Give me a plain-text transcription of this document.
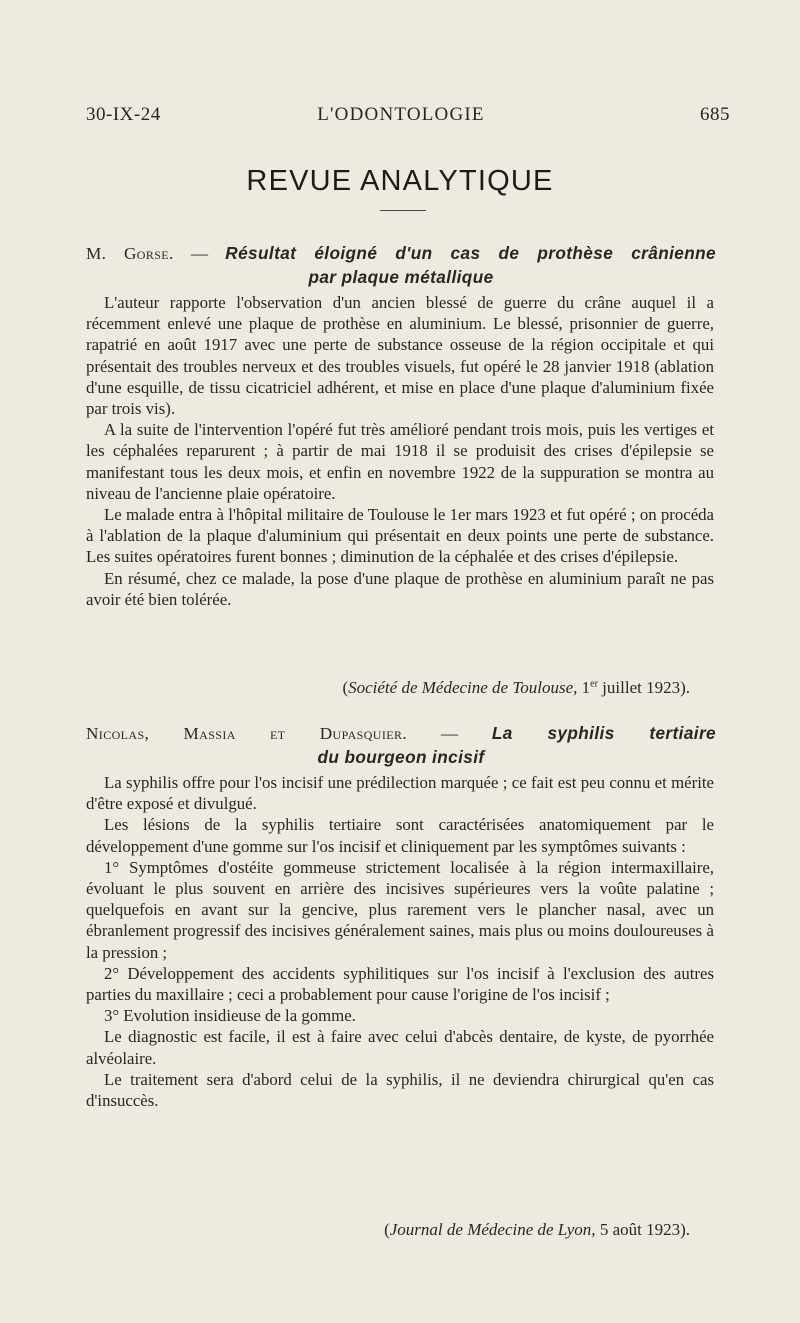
30-IX-24	L'ODONTOLOGIE	685
REVUE ANALYTIQUE
M. Gorse. — Résultat éloigné d'un cas de prothèse crânienne
par plaque métallique

L'auteur rapporte l'observation d'un ancien blessé de guerre du crâne auquel il a récemment enlevé une plaque de prothèse en aluminium. Le blessé, prisonnier de guerre, rapatrié en août 1917 avec une perte de substance osseuse de la région occipitale et qui présentait des troubles nerveux et des troubles visuels, fut opéré le 28 janvier 1918 (ablation d'une esquille, de tissu cicatriciel adhérent, et mise en place d'une plaque d'aluminium fixée par trois vis).

A la suite de l'intervention l'opéré fut très amélioré pendant trois mois, puis les vertiges et les céphalées reparurent ; à partir de mai 1918 il se produisit des crises d'épilepsie se manifestant tous les deux mois, et enfin en novembre 1922 de la suppuration se montra au niveau de l'ancienne plaie opératoire.

Le malade entra à l'hôpital militaire de Toulouse le 1er mars 1923 et fut opéré ; on procéda à l'ablation de la plaque d'aluminium qui présentait en deux points une perte de substance. Les suites opératoires furent bonnes ; diminution de la céphalée et des crises d'épilepsie.

En résumé, chez ce malade, la pose d'une plaque de prothèse en aluminium paraît ne pas avoir été bien tolérée.

(Société de Médecine de Toulouse, 1er juillet 1923).
Nicolas, Massia et Dupasquier. — La syphilis tertiaire
du bourgeon incisif

La syphilis offre pour l'os incisif une prédilection marquée ; ce fait est peu connu et mérite d'être exposé et divulgué.

Les lésions de la syphilis tertiaire sont caractérisées anatomiquement par le développement d'une gomme sur l'os incisif et cliniquement par les symptômes suivants :

1° Symptômes d'ostéite gommeuse strictement localisée à la région intermaxillaire, évoluant le plus souvent en arrière des incisives supérieures vers la voûte palatine ; quelquefois en avant sur la gencive, plus rarement vers le plancher nasal, avec un ébranlement progressif des incisives généralement saines, mais plus ou moins douloureuses à la pression ;

2° Développement des accidents syphilitiques sur l'os incisif à l'exclusion des autres parties du maxillaire ; ceci a probablement pour cause l'origine de l'os incisif ;

3° Evolution insidieuse de la gomme.

Le diagnostic est facile, il est à faire avec celui d'abcès dentaire, de kyste, de pyorrhée alvéolaire.

Le traitement sera d'abord celui de la syphilis, il ne deviendra chirurgical qu'en cas d'insuccès.

(Journal de Médecine de Lyon, 5 août 1923).
